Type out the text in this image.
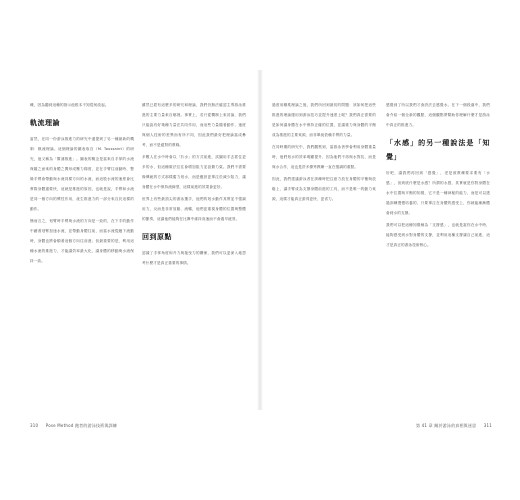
練，因為聽到這種的指示他根本不知從何改起。

軌流理論

當然，在同一份游泳推進力的研究中還提到了另一種最新的機制：軌流理論。這個理論的圖表取自（M. Toussaint）的研究，他又稱為「幫浦推進」。圖表的概念是當來自手掌的水流與隨之而來的身體之間形成壓力梯度，並在手臂往前動時，整條手臂會帶動與水流同樣方向的水流，而這股水流的速度會比實際身體還要快，這就是推進的原因，也就是說，手臂和水流是同一個方向的慣性作用，產生推進力的一部分來自於這樣的動作。

簡而言之，划臂時手臂與水流的方向是一致的，在下手的動作中藉著划臂加速水流，並帶動身體往前，而當水流從腋下流動時，身體也將會順著這個方向往前進；但最重要的是，利用這種水流的推進力，才能讓效率最大化，讓身體的移動與水流保持一致。

雖然已經有這麼多的研究和理論，我們仍無法確認主導游泳推進的主要力量來自哪裡。事實上，若只從機制上來討論，我們只能說有好幾種力量在共同作用，而這些力量隨著動作、速度與個人技術的差異而有所不同，因此我們最好把理論當成參考，而不是絕對的教條。

多數人在水中時會以「扒水」的方式前進，試圖用手去抓住更多的水，但這種做法往往會增加阻力並浪費力氣。我們不需要像傳統的方式那樣奮力划水，而是應該更專注於減少阻力，讓身體在水中保持流線型，這樣前進的效果會更好。

世界上有些最頂尖的游泳選手，他們的划水動作其實並不強調用力，反而是非常放鬆、流暢，他們更重視身體的位置與整體的節奏，這讓他們能夠在比賽中維持高速而不會過早疲勞。

回到原點

認識了手掌角度和升力與拖曳力的關係，我們可以更深入地思考什麼才是真正重要的事情。

過度用剛柔理論之後，我們所回到最初的問題：該如何把這些推進的理論運用到游泳技巧並提升速度上呢？我們真正需要的是如何讓身體在水中保持正確的位置，並讓重力與身體的平衡成為推進的主要來源，而非單純依賴手臂的力量。

在同時期的研究中，我們觀察到，當游泳者學會利用身體重量時，他們划水的效率明顯提升，因為他們不再與水對抗，而是與水合作，這也是許多優秀教練一直在強調的重點。

因此，我們建議游泳者在訓練時把注意力放在身體的平衡與放鬆上，讓手臂成為支撐身體前進的工具，而不是唯一的動力來源，這樣才能真正游得更快、更省力。

感覺到了所以我們才會設法去感覺水。在下一個段落中，我們會介紹一個全新的觀點，這個觀點將幫助你理解什麼才是游泳中真正的推進力。

「水感」的另一種說法是「知覺」

好吧，讓我們再回到「感覺」，老是被教練要求要有「水感」，但到底什麼是水感？所謂的水感，其實就是你對身體在水中位置與平衡的知覺，它不是一種神秘的能力，而是可以透過訓練慢慢培養的，只要專注在身體的感受上，你就能漸漸體會到水的支撐。

我們可以把這種知覺稱為「支撐感」，也就是當你在水中時，能夠感受到水對身體的支撐，並利用這種支撐讓自己前進，這才是真正的游泳技術核心。

310 Pose Method 跑者的游泳技術與訓練	第 41 章 關於游泳的真相與迷思 311
